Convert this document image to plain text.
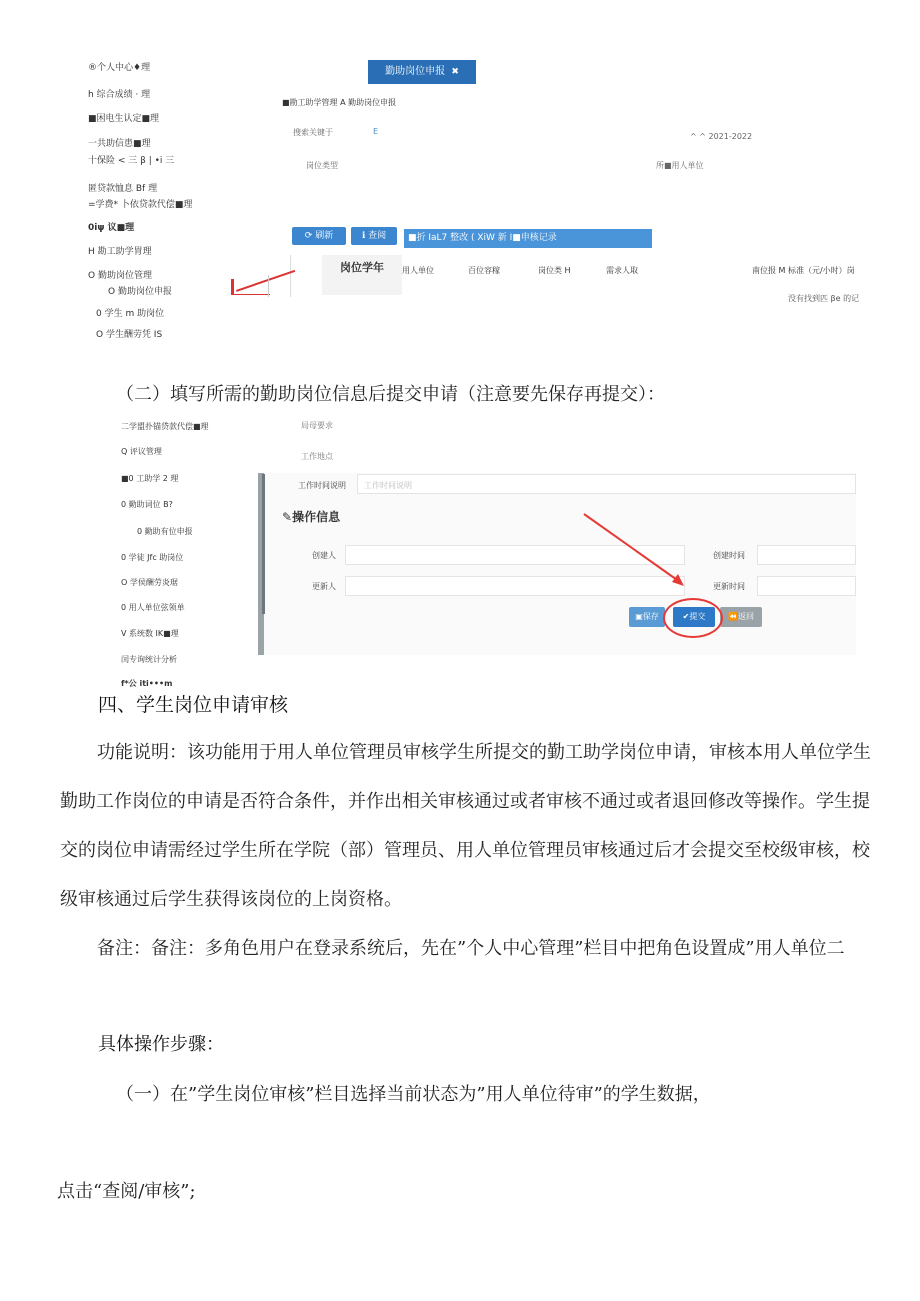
®个人中心♦理
h 综合成绩 · 理
■困电生认定■理
一共助信患■理
十保险 < 三 β | •i 三
匿贷款恤息 Bf 理
=学费* 卜依贷款代偿■理
0iψ 议■理
H 勘工助学胃理
O 勤助岗位管理
O 勤助岗位申报
0 学生 m 助岗位
O 学生酬劳凭 IS
勤助岗位申报 ✖
■勘工助学管理 A 勤助岗位申报
搜索关键于	E
^ ^ 2021-2022
岗位类型	所■用人单位
⟳ 刷新	ℹ 查阅	■折 IaL7 整改 ( XiW 新 I■申核记录
岗位学年	用人单位	百位容稼	岗位类 H	需求人取	南位报 M 标准（元/小时）岗
没有找到匹 βe 的记
（二）填写所需的勤助岗位信息后提交申请（注意要先保存再提交）：
二学盟扑锚贷款代偿■理
Q 评议管理
■0 工助学 2 理
0 勤助词位 B?
0 勤助有位申报
0 学徒 Jfc 助岗位
O 学侯酬劳炎琚
0 用人单位弦领单
V 系统数 IK■理
闰专询统计分析
f*公 iti•••m
局母要求
工作地点
工作时间说明 工作时间说明
✎操作信息
创建人	创建时间
更新人	更新时间
▣保存	✔提交	⏪返回
四、学生岗位申请审核
功能说明：该功能用于用人单位管理员审核学生所提交的勤工助学岗位申请，审核本用人单位学生勤助工作岗位的申请是否符合条件，并作出相关审核通过或者审核不通过或者退回修改等操作。学生提交的岗位申请需经过学生所在学院（部）管理员、用人单位管理员审核通过后才会提交至校级审核，校级审核通过后学生获得该岗位的上岗资格。
备注：备注：多角色用户在登录系统后，先在”个人中心管理”栏目中把角色设置成”用人单位二
具体操作步骤：
（一）在”学生岗位审核”栏目选择当前状态为”用人单位待审”的学生数据，
点击“查阅/审核”;
